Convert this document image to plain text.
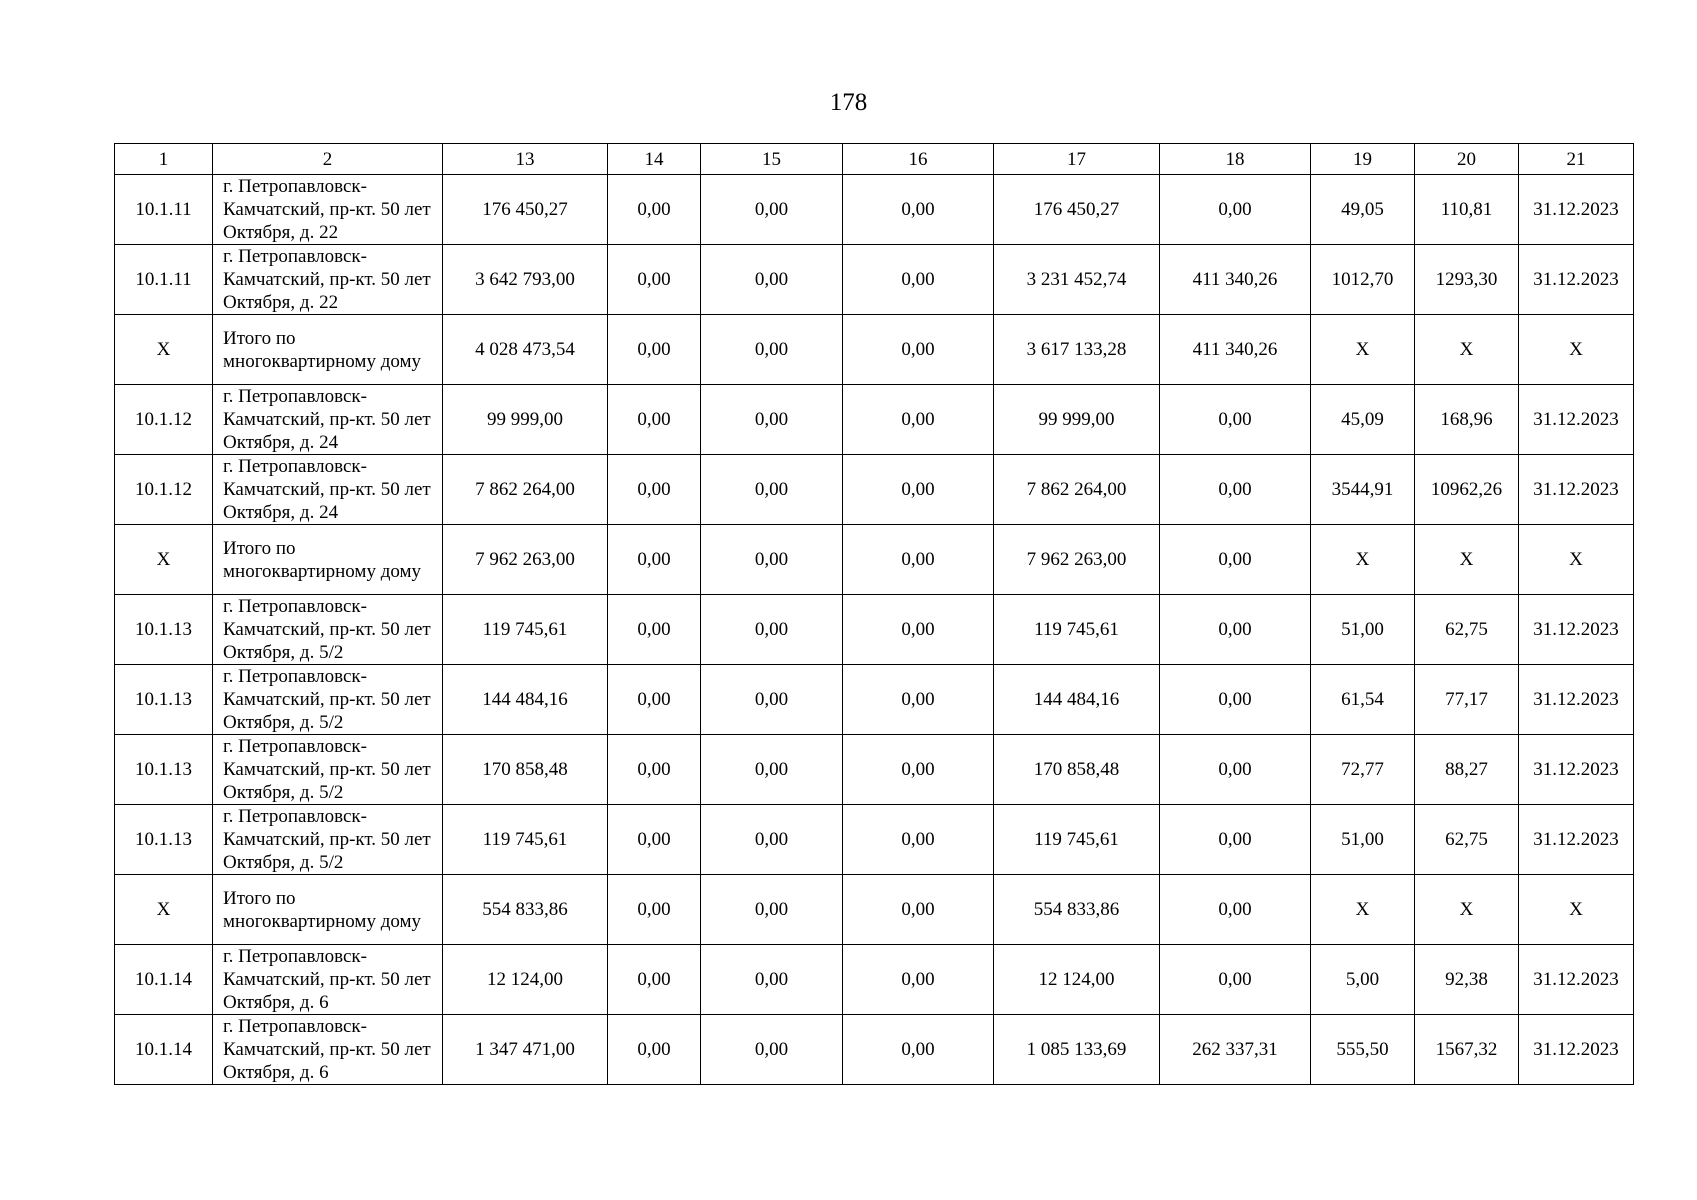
178
1	2	13	14	15	16	17	18	19	20	21
10.1.11	г. Петропавловск-Камчатский, пр-кт. 50 лет Октября, д. 22	176 450,27	0,00	0,00	0,00	176 450,27	0,00	49,05	110,81	31.12.2023
10.1.11	г. Петропавловск-Камчатский, пр-кт. 50 лет Октября, д. 22	3 642 793,00	0,00	0,00	0,00	3 231 452,74	411 340,26	1012,70	1293,30	31.12.2023
X	Итого по многоквартирному дому	4 028 473,54	0,00	0,00	0,00	3 617 133,28	411 340,26	X	X	X
10.1.12	г. Петропавловск-Камчатский, пр-кт. 50 лет Октября, д. 24	99 999,00	0,00	0,00	0,00	99 999,00	0,00	45,09	168,96	31.12.2023
10.1.12	г. Петропавловск-Камчатский, пр-кт. 50 лет Октября, д. 24	7 862 264,00	0,00	0,00	0,00	7 862 264,00	0,00	3544,91	10962,26	31.12.2023
X	Итого по многоквартирному дому	7 962 263,00	0,00	0,00	0,00	7 962 263,00	0,00	X	X	X
10.1.13	г. Петропавловск-Камчатский, пр-кт. 50 лет Октября, д. 5/2	119 745,61	0,00	0,00	0,00	119 745,61	0,00	51,00	62,75	31.12.2023
10.1.13	г. Петропавловск-Камчатский, пр-кт. 50 лет Октября, д. 5/2	144 484,16	0,00	0,00	0,00	144 484,16	0,00	61,54	77,17	31.12.2023
10.1.13	г. Петропавловск-Камчатский, пр-кт. 50 лет Октября, д. 5/2	170 858,48	0,00	0,00	0,00	170 858,48	0,00	72,77	88,27	31.12.2023
10.1.13	г. Петропавловск-Камчатский, пр-кт. 50 лет Октября, д. 5/2	119 745,61	0,00	0,00	0,00	119 745,61	0,00	51,00	62,75	31.12.2023
X	Итого по многоквартирному дому	554 833,86	0,00	0,00	0,00	554 833,86	0,00	X	X	X
10.1.14	г. Петропавловск-Камчатский, пр-кт. 50 лет Октября, д. 6	12 124,00	0,00	0,00	0,00	12 124,00	0,00	5,00	92,38	31.12.2023
10.1.14	г. Петропавловск-Камчатский, пр-кт. 50 лет Октября, д. 6	1 347 471,00	0,00	0,00	0,00	1 085 133,69	262 337,31	555,50	1567,32	31.12.2023
